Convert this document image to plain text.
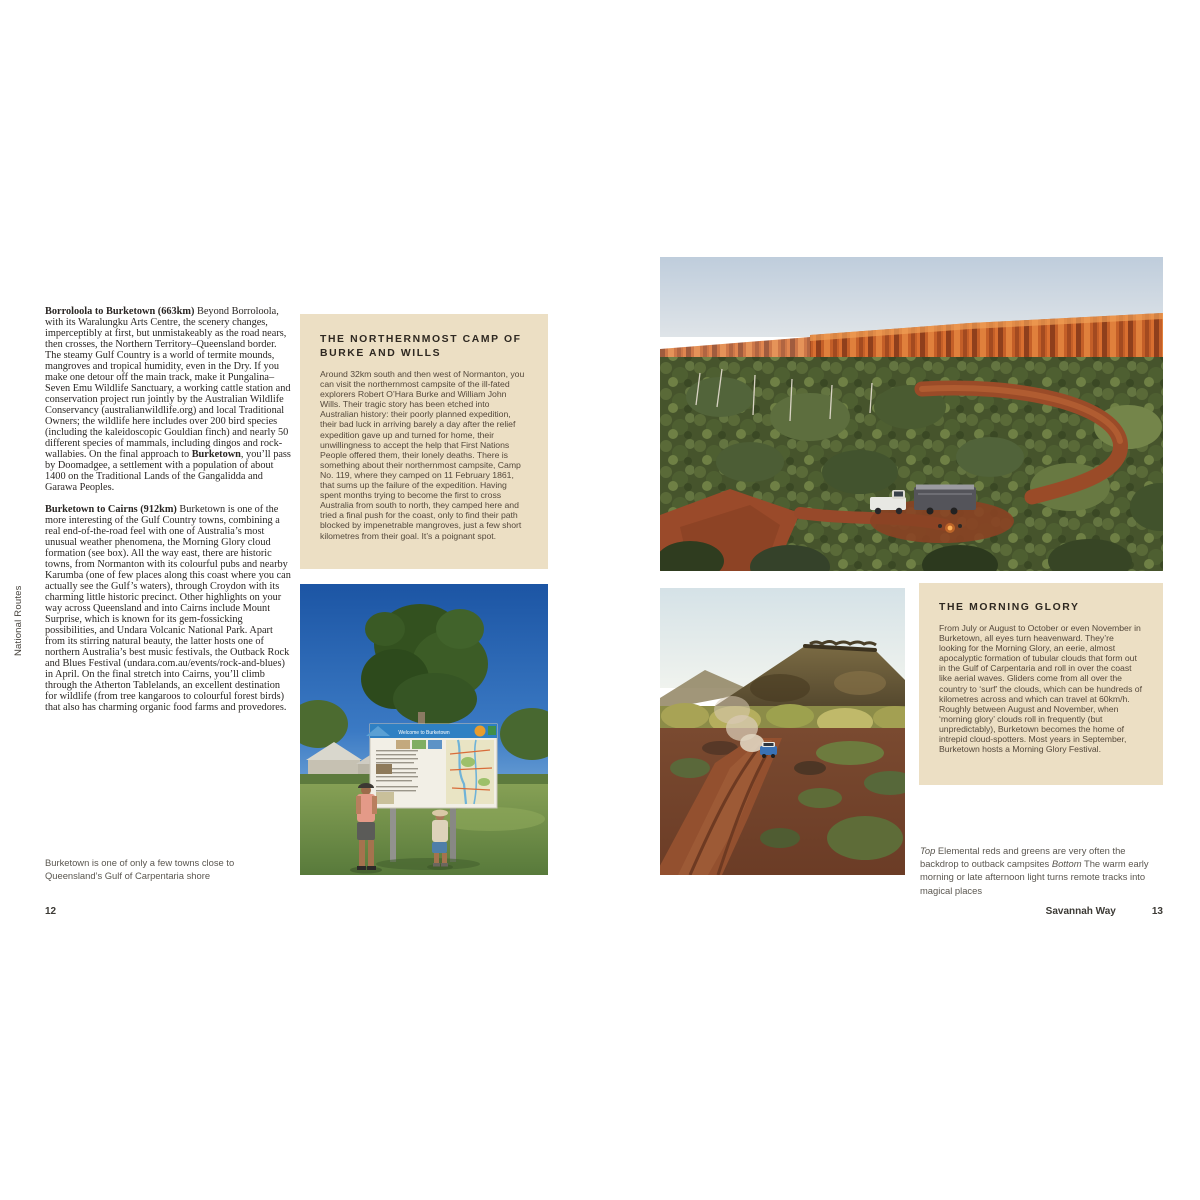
National Routes

Borroloola to Burketown (663km) Beyond Borroloola, with its Waralungku Arts Centre, the scenery changes, imperceptibly at first, but unmistakeably as the road nears, then crosses, the Northern Territory–Queensland border. The steamy Gulf Country is a world of termite mounds, mangroves and tropical humidity, even in the Dry. If you make one detour off the main track, make it Pungalina–Seven Emu Wildlife Sanctuary, a working cattle station and conservation project run jointly by the Australian Wildlife Conservancy (australianwildlife.org) and local Traditional Owners; the wildlife here includes over 200 bird species (including the kaleidoscopic Gouldian finch) and nearly 50 different species of mammals, including dingos and rock-wallabies. On the final approach to Burketown, you’ll pass by Doomadgee, a settlement with a population of about 1400 on the Traditional Lands of the Gangalidda and Garawa Peoples.

Burketown to Cairns (912km) Burketown is one of the more interesting of the Gulf Country towns, combining a real end-of-the-road feel with one of Australia’s most unusual weather phenomena, the Morning Glory cloud formation (see box). All the way east, there are historic towns, from Normanton with its colourful pubs and nearby Karumba (one of few places along this coast where you can actually see the Gulf’s waters), through Croydon with its charming little historic precinct. Other highlights on your way across Queensland and into Cairns include Mount Surprise, which is known for its gem-fossicking possibilities, and Undara Volcanic National Park. Apart from its stirring natural beauty, the latter hosts one of northern Australia’s best music festivals, the Outback Rock and Blues Festival (undara.com.au/events/rock-and-blues) in April. On the final stretch into Cairns, you’ll climb through the Atherton Tablelands, an excellent destination for wildlife (from tree kangaroos to colourful forest birds) that also has charming organic food farms and provedores.

THE NORTHERNMOST CAMP OF BURKE AND WILLS
Around 32km south and then west of Normanton, you can visit the northernmost campsite of the ill-fated explorers Robert O’Hara Burke and William John Wills. Their tragic story has been etched into Australian history: their poorly planned expedition, their bad luck in arriving barely a day after the relief expedition gave up and turned for home, their unwillingness to accept the help that First Nations People offered them, their lonely deaths. There is something about their northernmost campsite, Camp No. 119, where they camped on 11 February 1861, that sums up the failure of the expedition. Having spent months trying to become the first to cross Australia from south to north, they camped here and tried a final push for the coast, only to find their path blocked by impenetrable mangroves, just a few short kilometres from their goal. It’s a poignant spot.
Welcome to Burketown
Burketown is one of only a few towns close to Queensland’s Gulf of Carpentaria shore
12
THE MORNING GLORY
From July or August to October or even November in Burketown, all eyes turn heavenward. They’re looking for the Morning Glory, an eerie, almost apocalyptic formation of tubular clouds that form out in the Gulf of Carpentaria and roll in over the coast like aerial waves. Gliders come from all over the country to ‘surf’ the clouds, which can be hundreds of kilometres across and which can travel at 60km/h. Roughly between August and November, when ‘morning glory’ clouds roll in frequently (but unpredictably), Burketown becomes the home of intrepid cloud-spotters. Most years in September, Burketown hosts a Morning Glory Festival.
Top Elemental reds and greens are very often the backdrop to outback campsites Bottom The warm early morning or late afternoon light turns remote tracks into magical places
Savannah Way	13
